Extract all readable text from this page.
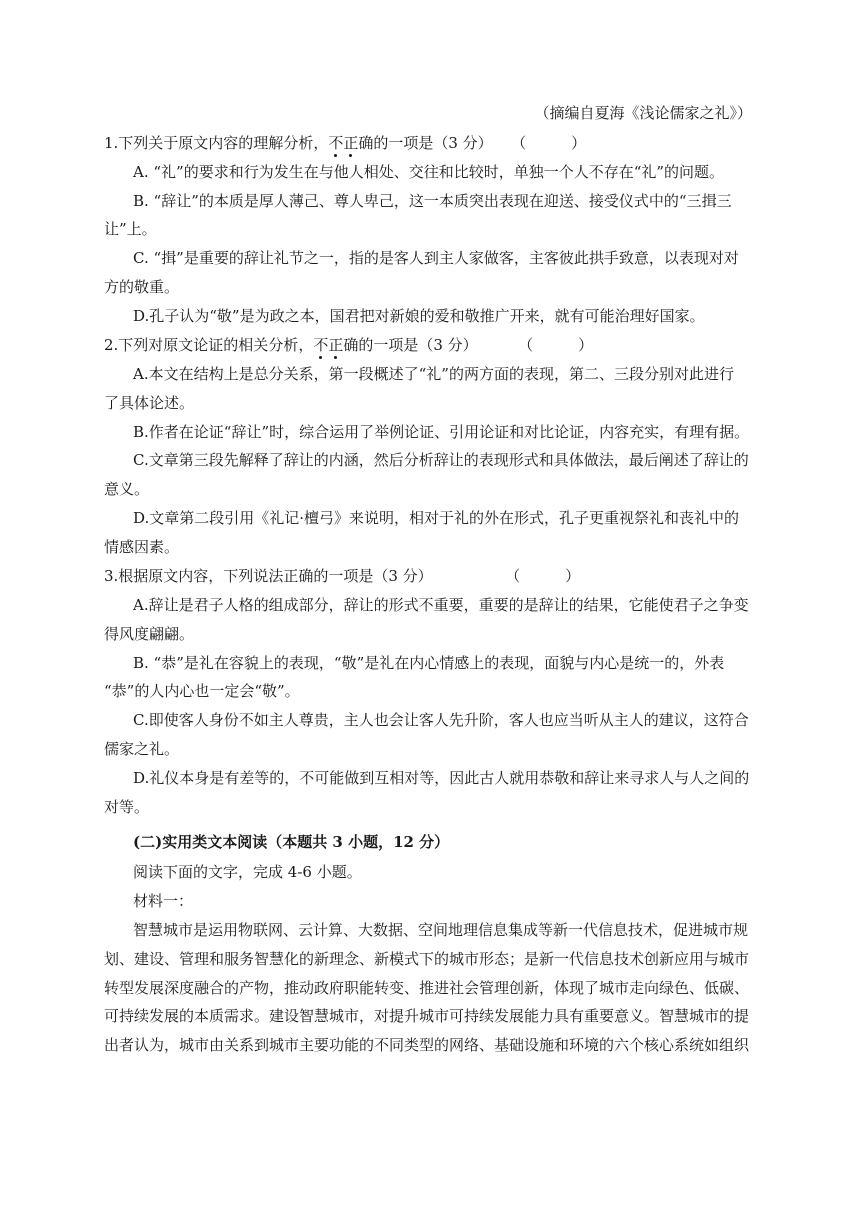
（摘编自夏海《浅论儒家之礼》）
1.下列关于原文内容的理解分析，不正确的一项是（3 分） （　　　）
A. “礼”的要求和行为发生在与他人相处、交往和比较时，单独一个人不存在“礼”的问题。
B. “辞让”的本质是厚人薄己、尊人卑己，这一本质突出表现在迎送、接受仪式中的“三揖三
让”上。
C. “揖”是重要的辞让礼节之一，指的是客人到主人家做客，主客彼此拱手致意，以表现对对
方的敬重。
D.孔子认为“敬”是为政之本，国君把对新娘的爱和敬推广开来，就有可能治理好国家。
2.下列对原文论证的相关分析，不正确的一项是（3 分）	（　　　）
A.本文在结构上是总分关系，第一段概述了“礼”的两方面的表现，第二、三段分别对此进行
了具体论述。
B.作者在论证“辞让”时，综合运用了举例论证、引用论证和对比论证，内容充实，有理有据。
C.文章第三段先解释了辞让的内涵，然后分析辞让的表现形式和具体做法，最后阐述了辞让的
意义。
D.文章第二段引用《礼记·檀弓》来说明，相对于礼的外在形式，孔子更重视祭礼和丧礼中的
情感因素。
3.根据原文内容，下列说法正确的一项是（3 分）	（　　　）
A.辞让是君子人格的组成部分，辞让的形式不重要，重要的是辞让的结果，它能使君子之争变
得风度翩翩。
B. “恭”是礼在容貌上的表现，“敬”是礼在内心情感上的表现，面貌与内心是统一的，外表
“恭”的人内心也一定会“敬”。
C.即使客人身份不如主人尊贵，主人也会让客人先升阶，客人也应当听从主人的建议，这符合
儒家之礼。
D.礼仪本身是有差等的，不可能做到互相对等，因此古人就用恭敬和辞让来寻求人与人之间的
对等。
(二)实用类文本阅读（本题共 3 小题，12 分）
阅读下面的文字，完成 4-6 小题。
材料一：
智慧城市是运用物联网、云计算、大数据、空间地理信息集成等新一代信息技术，促进城市规
划、建设、管理和服务智慧化的新理念、新模式下的城市形态；是新一代信息技术创新应用与城市
转型发展深度融合的产物，推动政府职能转变、推进社会管理创新，体现了城市走向绿色、低碳、
可持续发展的本质需求。建设智慧城市，对提升城市可持续发展能力具有重要意义。智慧城市的提
出者认为，城市由关系到城市主要功能的不同类型的网络、基础设施和环境的六个核心系统如组织
